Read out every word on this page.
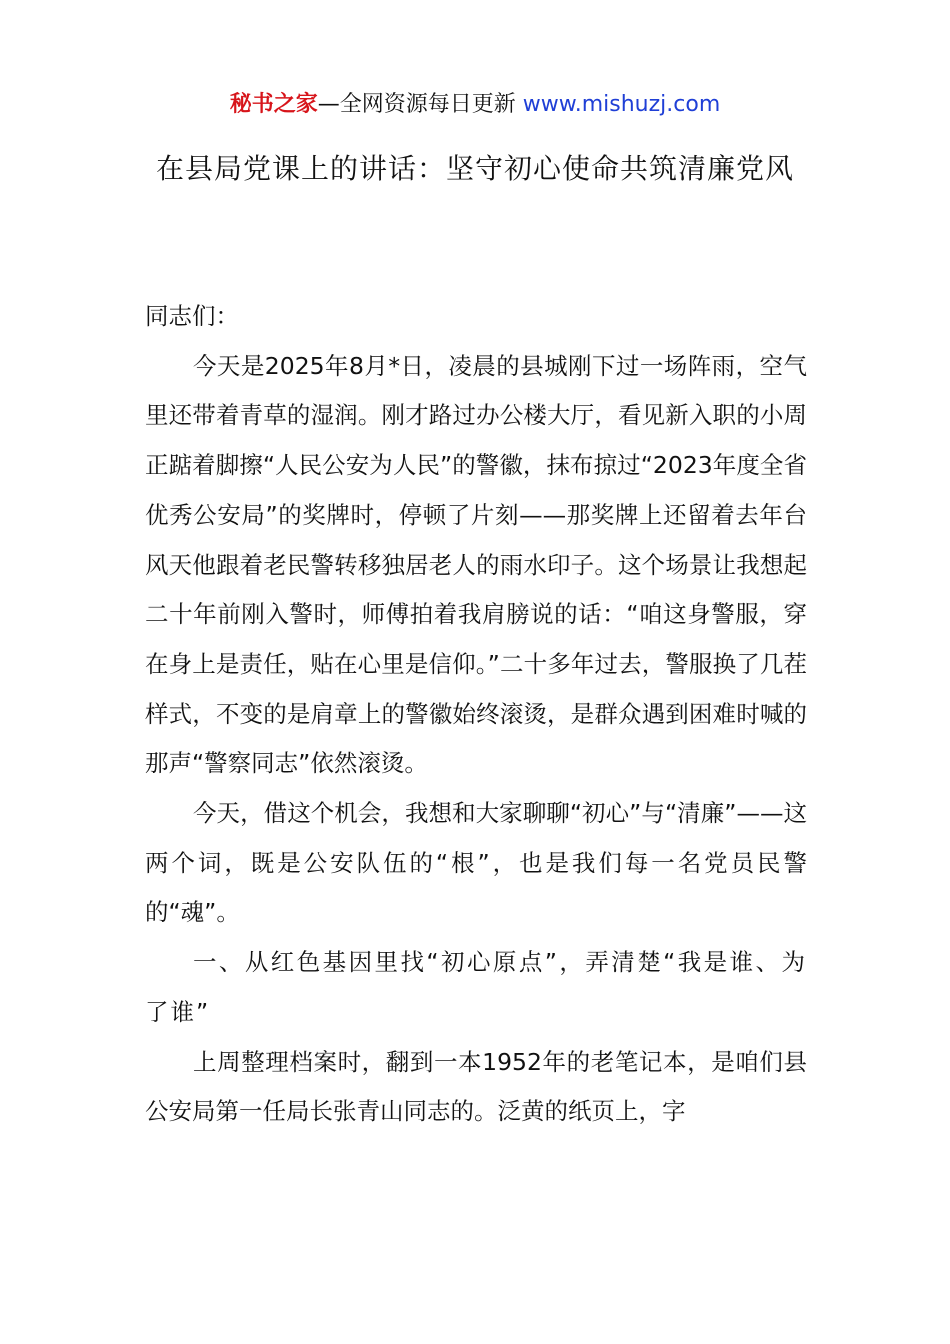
秘书之家—全网资源每日更新 www.mishuzj.com
在县局党课上的讲话：坚守初心使命共筑清廉党风

同志们：

今天是2025年8月*日，凌晨的县城刚下过一场阵雨，空气里还带着青草的湿润。刚才路过办公楼大厅，看见新入职的小周正踮着脚擦“人民公安为人民”的警徽，抹布掠过“2023年度全省优秀公安局”的奖牌时，停顿了片刻——那奖牌上还留着去年台风天他跟着老民警转移独居老人的雨水印子。这个场景让我想起二十年前刚入警时，师傅拍着我肩膀说的话：“咱这身警服，穿在身上是责任，贴在心里是信仰。”二十多年过去，警服换了几茬样式，不变的是肩章上的警徽始终滚烫，是群众遇到困难时喊的那声“警察同志”依然滚烫。

今天，借这个机会，我想和大家聊聊“初心”与“清廉”——这两个词，既是公安队伍的“根”，也是我们每一名党员民警的“魂”。

一、从红色基因里找“初心原点”，弄清楚“我是谁、为了谁”

上周整理档案时，翻到一本1952年的老笔记本，是咱们县公安局第一任局长张青山同志的。泛黄的纸页上，字
